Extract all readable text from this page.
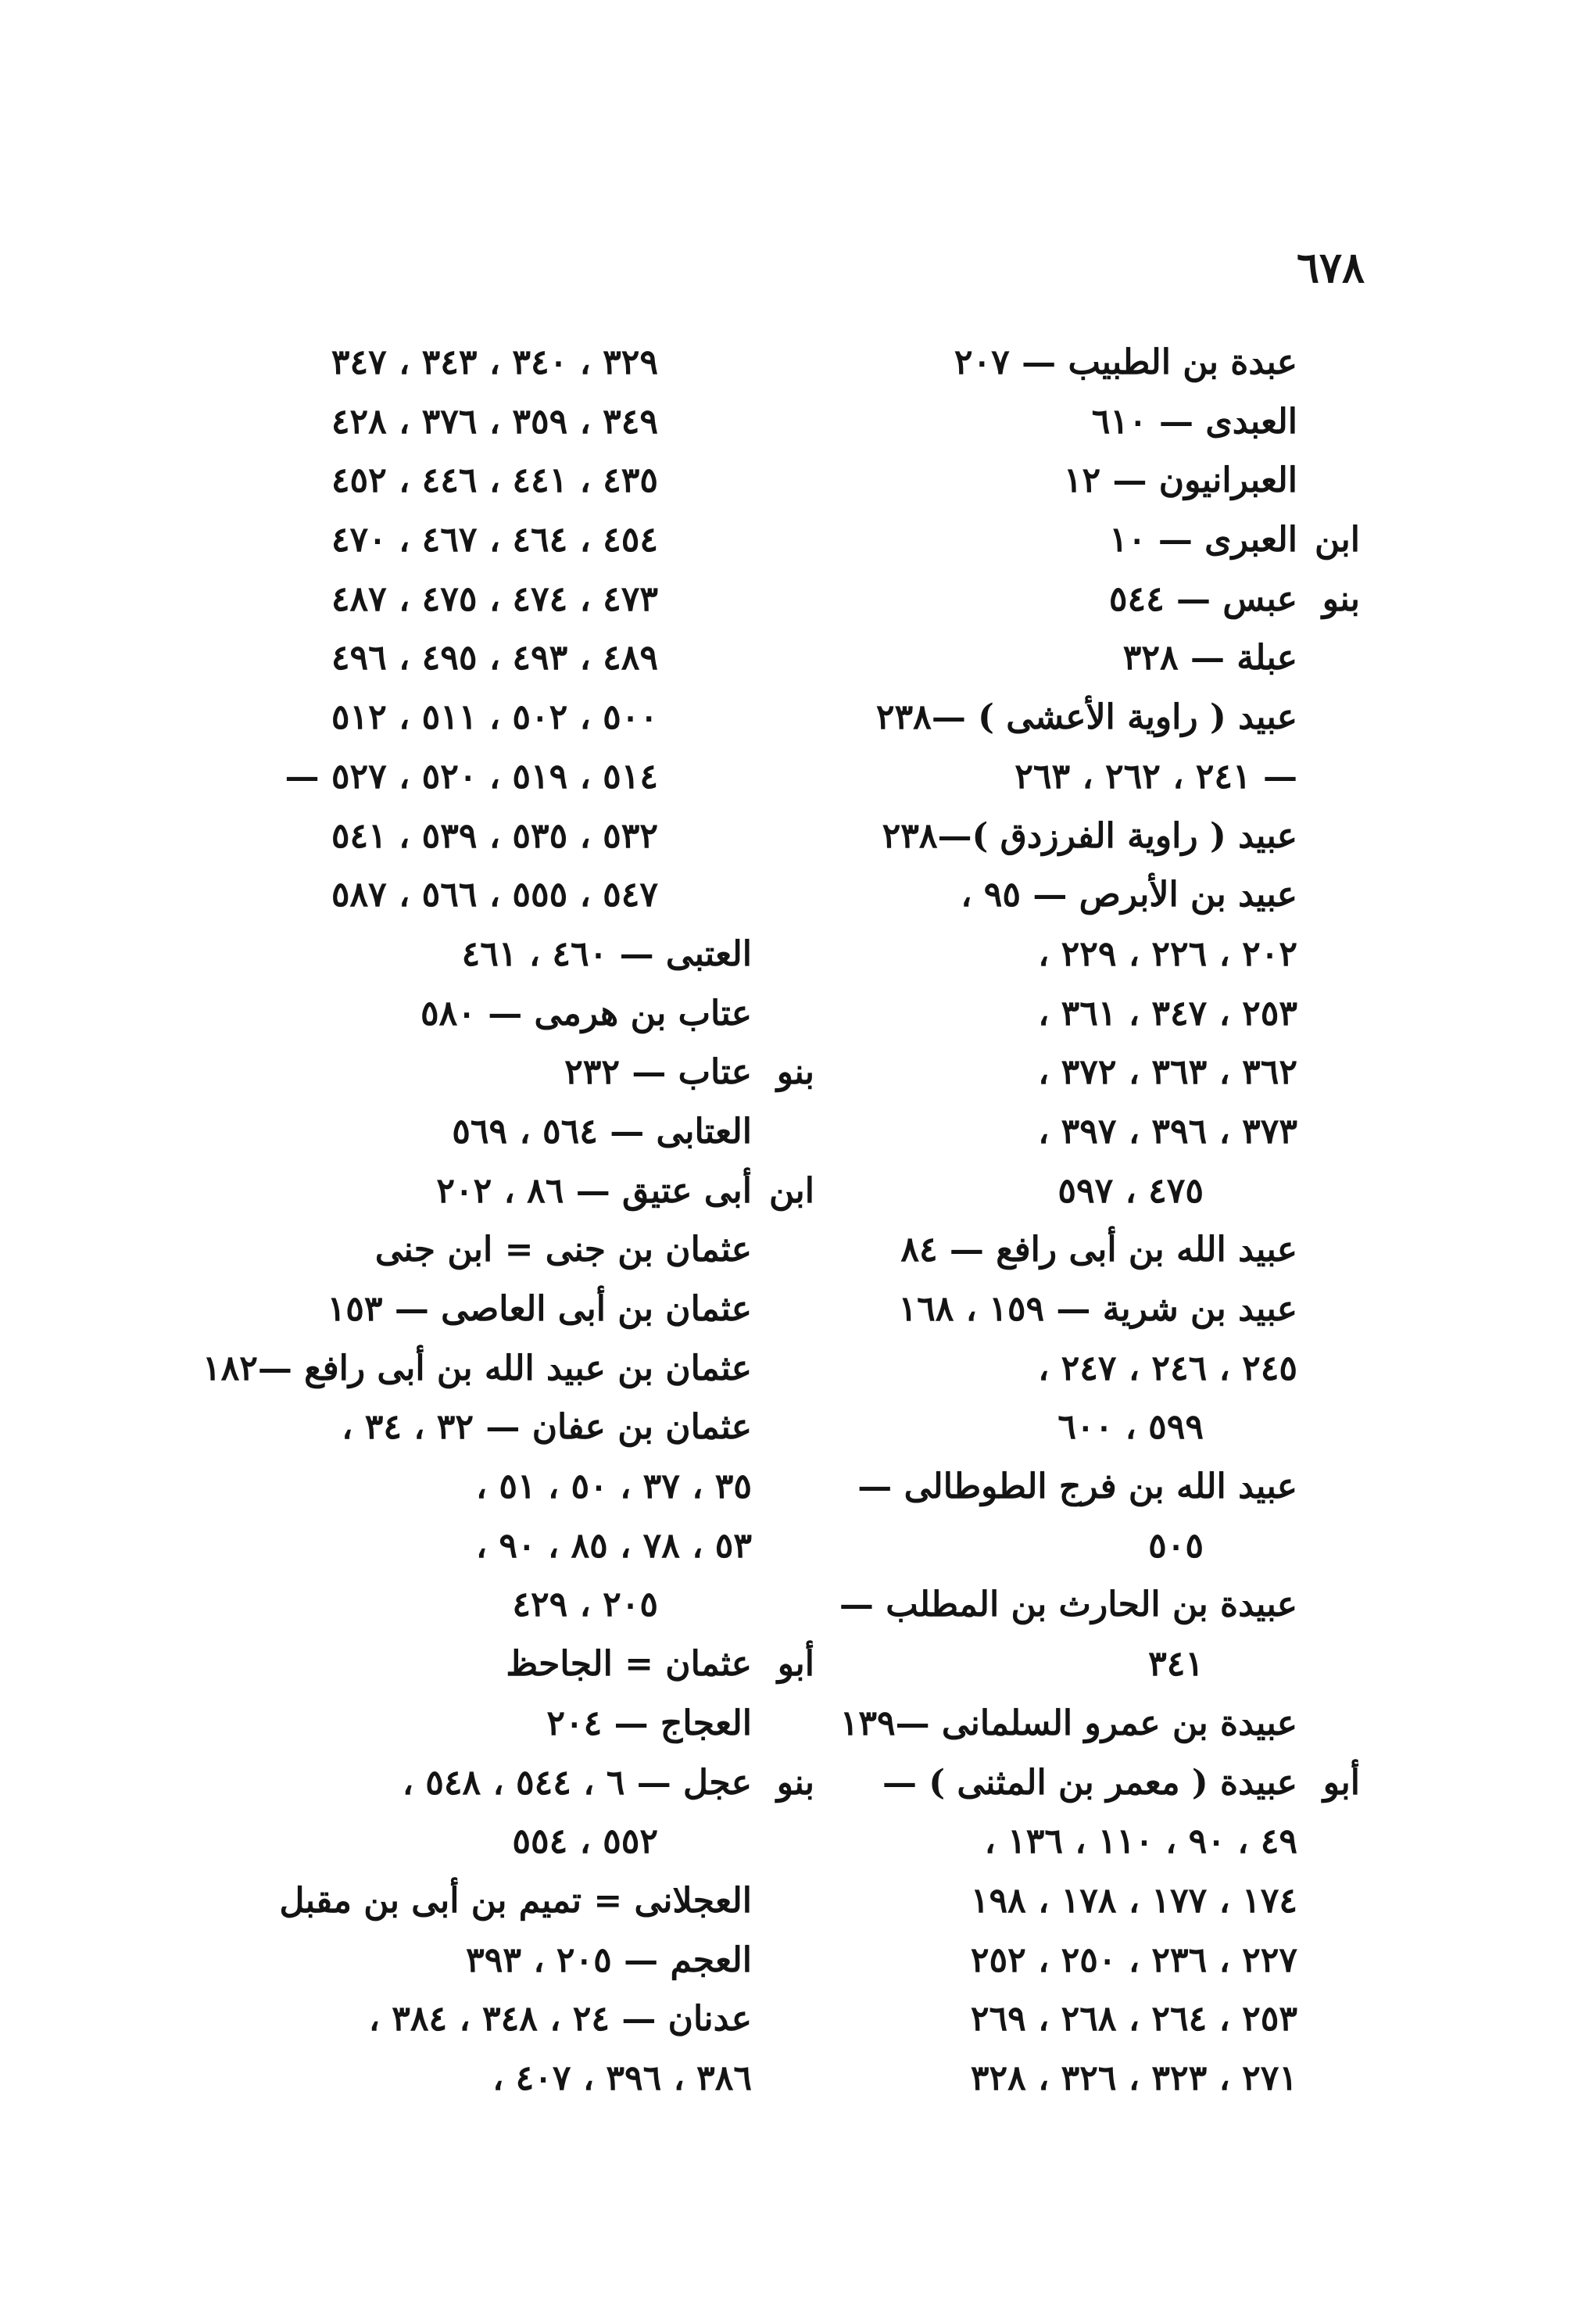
٦٧٨
عبدة بن الطبيب — ٢٠٧
العبدى — ٦١٠
العبرانيون — ١٢
ابن
العبرى — ١٠
بنو
عبس — ٥٤٤
عبلة — ٣٢٨
عبيد ( راوية الأعشى ) —٢٣٨
— ٢٤١ ، ٢٦٢ ، ٢٦٣
عبيد ( راوية الفرزدق )—٢٣٨
عبيد بن الأبرص — ٩٥ ،
٢٠٢ ، ٢٢٦ ، ٢٢٩ ،
٢٥٣ ، ٣٤٧ ، ٣٦١ ،
٣٦٢ ، ٣٦٣ ، ٣٧٢ ،
٣٧٣ ، ٣٩٦ ، ٣٩٧ ،
٤٧٥ ، ٥٩٧
عبيد الله بن أبى رافع — ٨٤
عبيد بن شرية — ١٥٩ ، ١٦٨
٢٤٥ ، ٢٤٦ ، ٢٤٧ ،
٥٩٩ ، ٦٠٠
عبيد الله بن فرج الطوطالى —
٥٠٥
عبيدة بن الحارث بن المطلب —
٣٤١
عبيدة بن عمرو السلمانى —١٣٩
أبو
عبيدة ( معمر بن المثنى ) —
٤٩ ، ٩٠ ، ١١٠ ، ١٣٦ ،
١٧٤ ، ١٧٧ ، ١٧٨ ، ١٩٨
٢٢٧ ، ٢٣٦ ، ٢٥٠ ، ٢٥٢
٢٥٣ ، ٢٦٤ ، ٢٦٨ ، ٢٦٩
٢٧١ ، ٣٢٣ ، ٣٢٦ ، ٣٢٨
٣٢٩ ، ٣٤٠ ، ٣٤٣ ، ٣٤٧
٣٤٩ ، ٣٥٩ ، ٣٧٦ ، ٤٢٨
٤٣٥ ، ٤٤١ ، ٤٤٦ ، ٤٥٢
٤٥٤ ، ٤٦٤ ، ٤٦٧ ، ٤٧٠
٤٧٣ ، ٤٧٤ ، ٤٧٥ ، ٤٨٧
٤٨٩ ، ٤٩٣ ، ٤٩٥ ، ٤٩٦
٥٠٠ ، ٥٠٢ ، ٥١١ ، ٥١٢
٥١٤ ، ٥١٩ ، ٥٢٠ ، ٥٢٧ —
٥٣٢ ، ٥٣٥ ، ٥٣٩ ، ٥٤١
٥٤٧ ، ٥٥٥ ، ٥٦٦ ، ٥٨٧
العتبى — ٤٦٠ ، ٤٦١
عتاب بن هرمى — ٥٨٠
بنو
عتاب — ٢٣٢
العتابى — ٥٦٤ ، ٥٦٩
ابن
أبى عتيق — ٨٦ ، ٢٠٢
عثمان بن جنى = ابن جنى
عثمان بن أبى العاصى — ١٥٣
عثمان بن عبيد الله بن أبى رافع —١٨٢
عثمان بن عفان — ٣٢ ، ٣٤ ،
٣٥ ، ٣٧ ، ٥٠ ، ٥١ ،
٥٣ ، ٧٨ ، ٨٥ ، ٩٠ ،
٢٠٥ ، ٤٢٩
أبو
عثمان = الجاحظ
العجاج — ٢٠٤
بنو
عجل — ٦ ، ٥٤٤ ، ٥٤٨ ،
٥٥٢ ، ٥٥٤
العجلانى = تميم بن أبى بن مقبل
العجم — ٢٠٥ ، ٣٩٣
عدنان — ٢٤ ، ٣٤٨ ، ٣٨٤ ،
٣٨٦ ، ٣٩٦ ، ٤٠٧ ،
